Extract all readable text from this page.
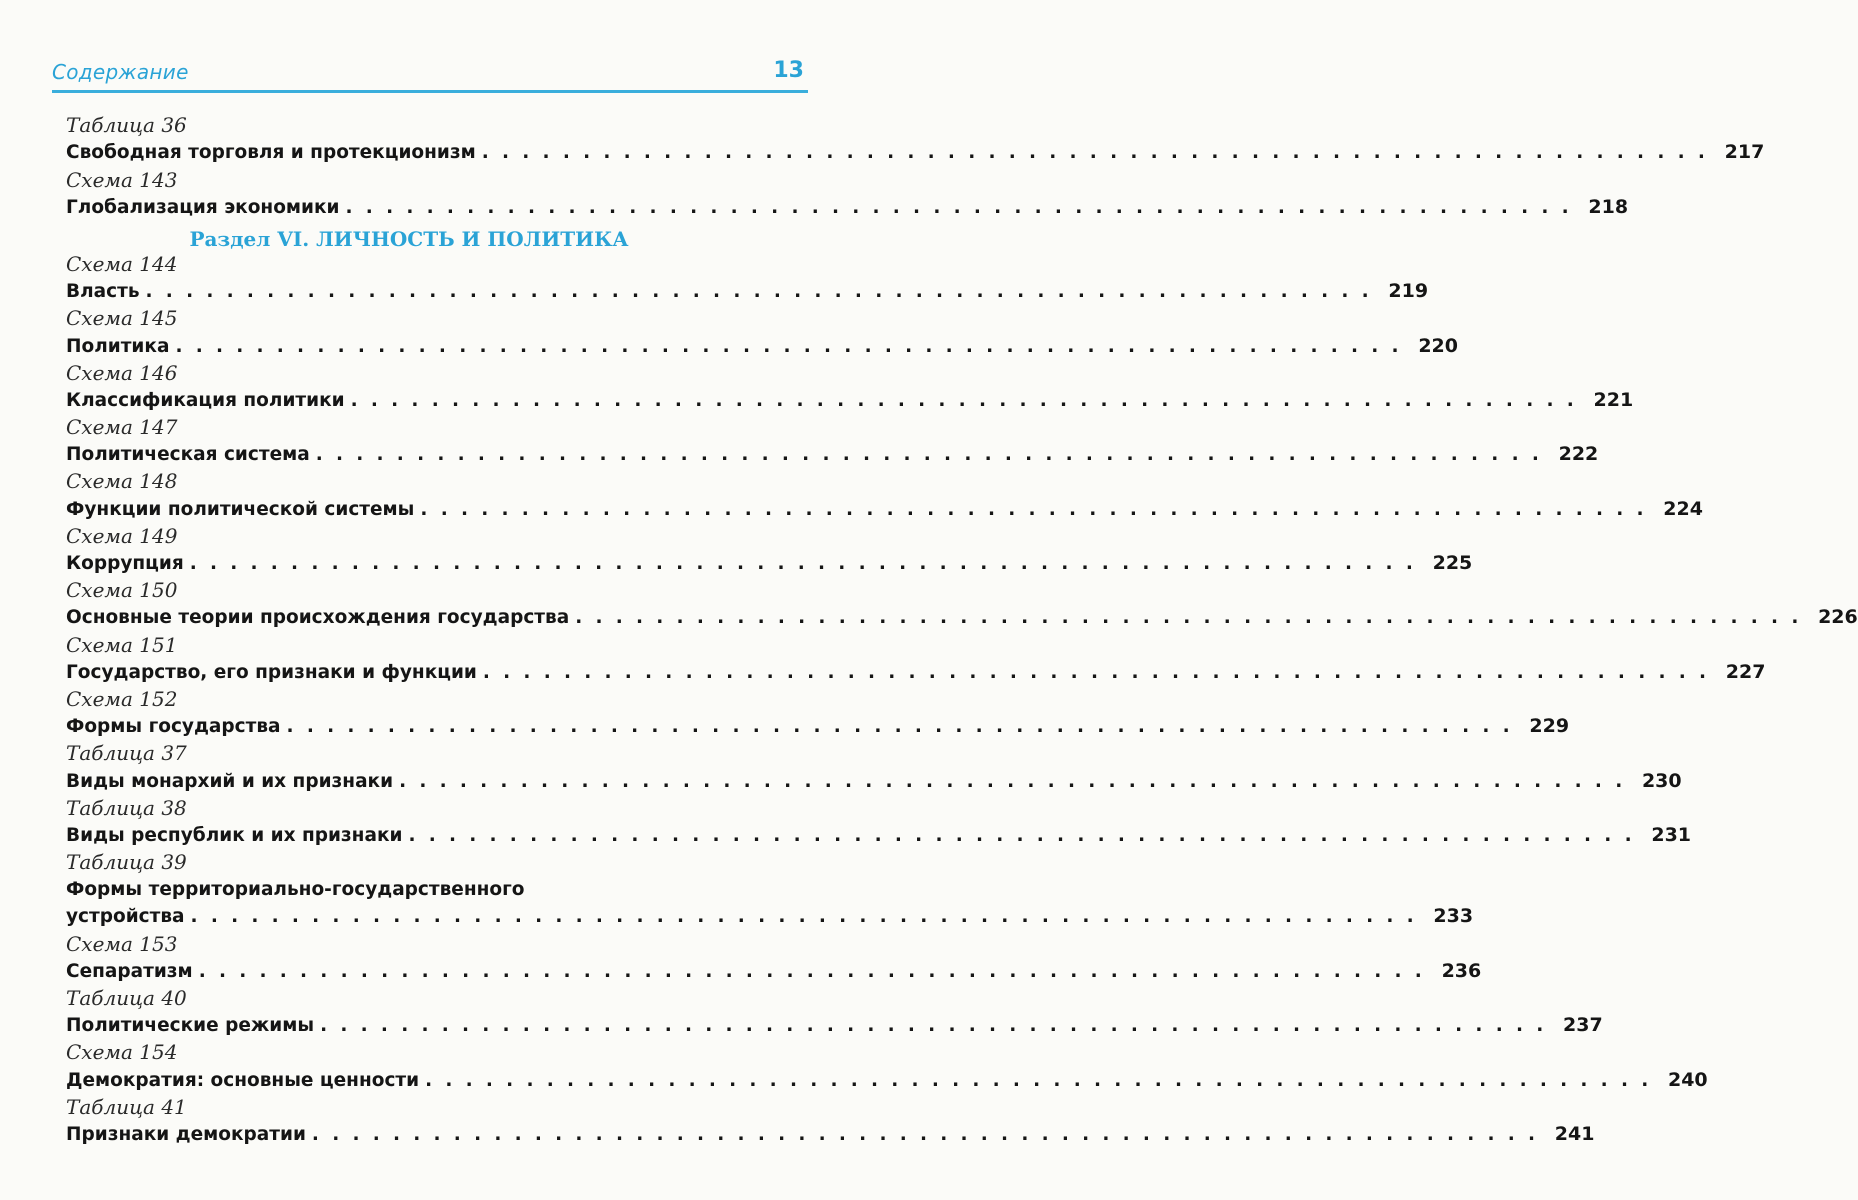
Содержание	13
Таблица 36
Свободная торговля и протекционизм . . . . . . . . . . . . . . . . . . . . . . . . . . . . . . . . . . . . . . . . . . . . . . . . . . . . . . . . . . . . . 217
Схема 143
Глобализация экономики . . . . . . . . . . . . . . . . . . . . . . . . . . . . . . . . . . . . . . . . . . . . . . . . . . . . . . . . . . . . . 218
Раздел VI. ЛИЧНОСТЬ И ПОЛИТИКА
Схема 144
Власть . . . . . . . . . . . . . . . . . . . . . . . . . . . . . . . . . . . . . . . . . . . . . . . . . . . . . . . . . . . . . 219
Схема 145
Политика . . . . . . . . . . . . . . . . . . . . . . . . . . . . . . . . . . . . . . . . . . . . . . . . . . . . . . . . . . . . . 220
Схема 146
Классификация политики . . . . . . . . . . . . . . . . . . . . . . . . . . . . . . . . . . . . . . . . . . . . . . . . . . . . . . . . . . . . . 221
Схема 147
Политическая система . . . . . . . . . . . . . . . . . . . . . . . . . . . . . . . . . . . . . . . . . . . . . . . . . . . . . . . . . . . . . 222
Схема 148
Функции политической системы . . . . . . . . . . . . . . . . . . . . . . . . . . . . . . . . . . . . . . . . . . . . . . . . . . . . . . . . . . . . . 224
Схема 149
Коррупция . . . . . . . . . . . . . . . . . . . . . . . . . . . . . . . . . . . . . . . . . . . . . . . . . . . . . . . . . . . . . 225
Схема 150
Основные теории происхождения государства . . . . . . . . . . . . . . . . . . . . . . . . . . . . . . . . . . . . . . . . . . . . . . . . . . . . . . . . . . . . . 226
Схема 151
Государство, его признаки и функции . . . . . . . . . . . . . . . . . . . . . . . . . . . . . . . . . . . . . . . . . . . . . . . . . . . . . . . . . . . . . 227
Схема 152
Формы государства . . . . . . . . . . . . . . . . . . . . . . . . . . . . . . . . . . . . . . . . . . . . . . . . . . . . . . . . . . . . . 229
Таблица 37
Виды монархий и их признаки . . . . . . . . . . . . . . . . . . . . . . . . . . . . . . . . . . . . . . . . . . . . . . . . . . . . . . . . . . . . . 230
Таблица 38
Виды республик и их признаки . . . . . . . . . . . . . . . . . . . . . . . . . . . . . . . . . . . . . . . . . . . . . . . . . . . . . . . . . . . . . 231
Таблица 39
Формы территориально-государственного
устройства . . . . . . . . . . . . . . . . . . . . . . . . . . . . . . . . . . . . . . . . . . . . . . . . . . . . . . . . . . . . . 233
Схема 153
Сепаратизм . . . . . . . . . . . . . . . . . . . . . . . . . . . . . . . . . . . . . . . . . . . . . . . . . . . . . . . . . . . . . 236
Таблица 40
Политические режимы . . . . . . . . . . . . . . . . . . . . . . . . . . . . . . . . . . . . . . . . . . . . . . . . . . . . . . . . . . . . . 237
Схема 154
Демократия: основные ценности . . . . . . . . . . . . . . . . . . . . . . . . . . . . . . . . . . . . . . . . . . . . . . . . . . . . . . . . . . . . . 240
Таблица 41
Признаки демократии . . . . . . . . . . . . . . . . . . . . . . . . . . . . . . . . . . . . . . . . . . . . . . . . . . . . . . . . . . . . . 241
